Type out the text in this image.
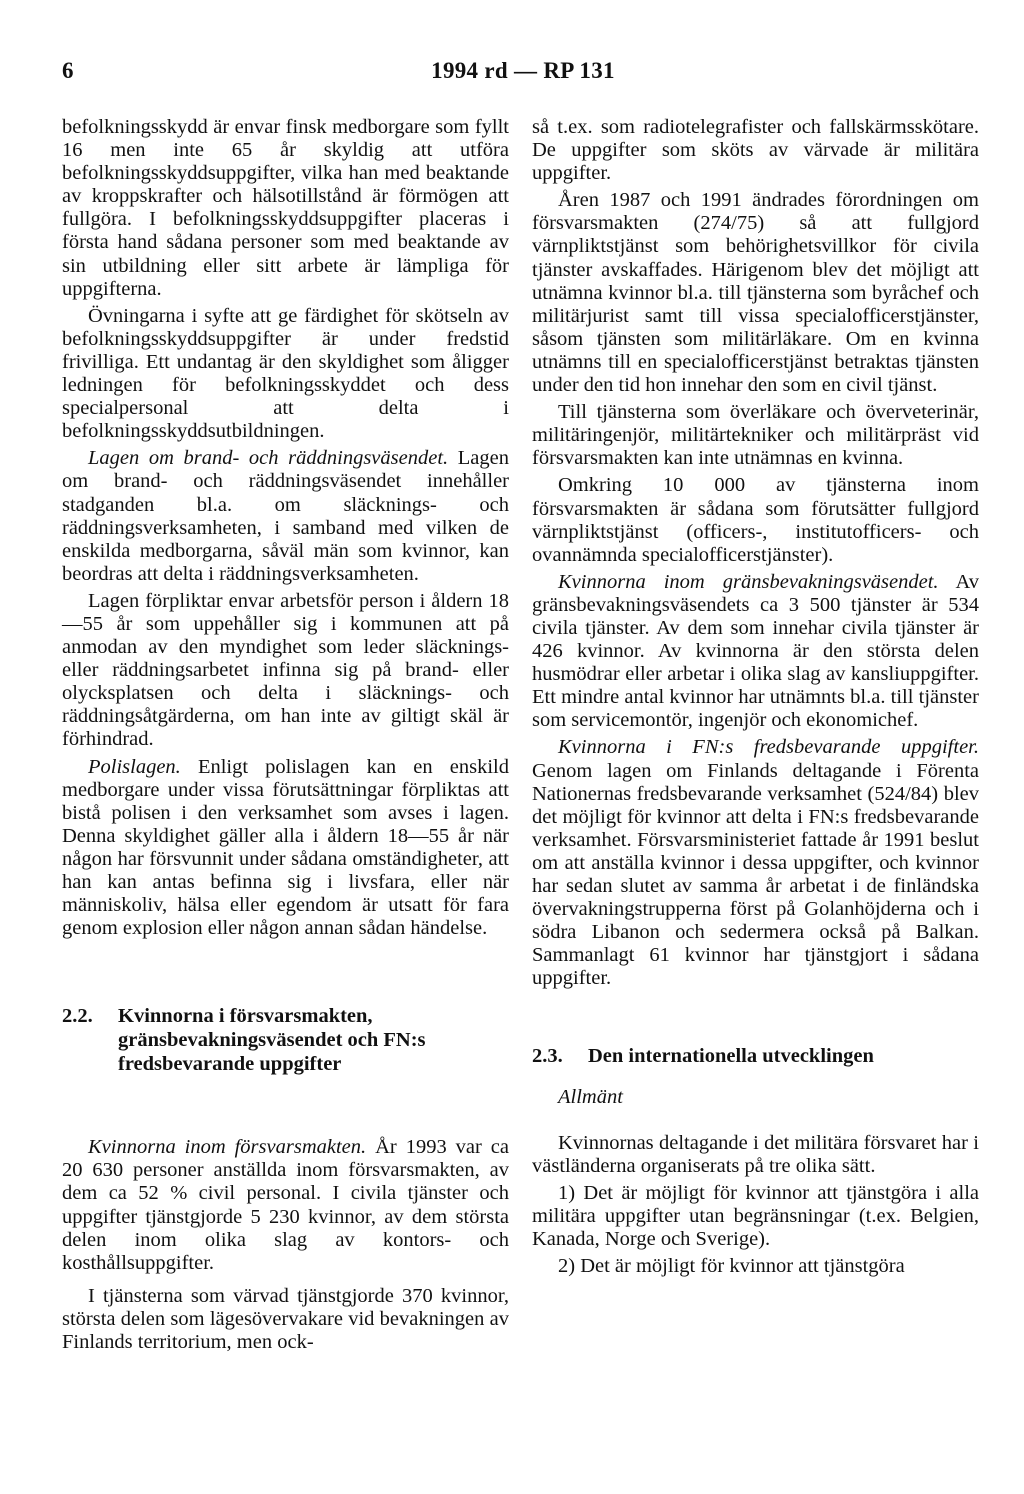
6	1994 rd — RP 131

befolkningsskydd är envar finsk medborgare som fyllt 16 men inte 65 år skyldig att utföra befolkningsskyddsuppgifter, vilka han med beaktande av kroppskrafter och hälsotillstånd är förmögen att fullgöra. I befolkningsskyddsuppgifter placeras i första hand sådana personer som med beaktande av sin utbildning eller sitt arbete är lämpliga för uppgifterna.

Övningarna i syfte att ge färdighet för skötseln av befolkningsskyddsuppgifter är under fredstid frivilliga. Ett undantag är den skyldighet som åligger ledningen för befolkningsskyddet och dess specialpersonal att delta i befolkningsskyddsutbildningen.

Lagen om brand- och räddningsväsendet. Lagen om brand- och räddningsväsendet innehåller stadganden bl.a. om släcknings- och räddningsverksamheten, i samband med vilken de enskilda medborgarna, såväl män som kvinnor, kan beordras att delta i räddningsverksamheten.

Lagen förpliktar envar arbetsför person i åldern 18—55 år som uppehåller sig i kommunen att på anmodan av den myndighet som leder släcknings- eller räddningsarbetet infinna sig på brand- eller olycksplatsen och delta i släcknings- och räddningsåtgärderna, om han inte av giltigt skäl är förhindrad.

Polislagen. Enligt polislagen kan en enskild medborgare under vissa förutsättningar förpliktas att bistå polisen i den verksamhet som avses i lagen. Denna skyldighet gäller alla i åldern 18—55 år när någon har försvunnit under sådana omständigheter, att han kan antas befinna sig i livsfara, eller när människoliv, hälsa eller egendom är utsatt för fara genom explosion eller någon annan sådan händelse.

2.2.	Kvinnorna i försvarsmakten, gränsbevakningsväsendet och FN:s fredsbevarande uppgifter

Kvinnorna inom försvarsmakten. År 1993 var ca 20 630 personer anställda inom försvarsmakten, av dem ca 52 % civil personal. I civila tjänster och uppgifter tjänstgjorde 5 230 kvinnor, av dem största delen inom olika slag av kontors- och kosthållsuppgifter.

I tjänsterna som värvad tjänstgjorde 370 kvinnor, största delen som lägesövervakare vid bevakningen av Finlands territorium, men ock-

så t.ex. som radiotelegrafister och fallskärmsskötare. De uppgifter som sköts av värvade är militära uppgifter.

Åren 1987 och 1991 ändrades förordningen om försvarsmakten (274/75) så att fullgjord värnpliktstjänst som behörighetsvillkor för civila tjänster avskaffades. Härigenom blev det möjligt att utnämna kvinnor bl.a. till tjänsterna som byråchef och militärjurist samt till vissa specialofficerstjänster, såsom tjänsten som militärläkare. Om en kvinna utnämns till en specialofficerstjänst betraktas tjänsten under den tid hon innehar den som en civil tjänst.

Till tjänsterna som överläkare och överveterinär, militäringenjör, militärtekniker och militärpräst vid försvarsmakten kan inte utnämnas en kvinna.

Omkring 10 000 av tjänsterna inom försvarsmakten är sådana som förutsätter fullgjord värnpliktstjänst (officers-, institutofficers- och ovannämnda specialofficerstjänster).

Kvinnorna inom gränsbevakningsväsendet. Av gränsbevakningsväsendets ca 3 500 tjänster är 534 civila tjänster. Av dem som innehar civila tjänster är 426 kvinnor. Av kvinnorna är den största delen husmödrar eller arbetar i olika slag av kansliuppgifter. Ett mindre antal kvinnor har utnämnts bl.a. till tjänster som servicemontör, ingenjör och ekonomichef.

Kvinnorna i FN:s fredsbevarande uppgifter. Genom lagen om Finlands deltagande i Förenta Nationernas fredsbevarande verksamhet (524/84) blev det möjligt för kvinnor att delta i FN:s fredsbevarande verksamhet. Försvarsministeriet fattade år 1991 beslut om att anställa kvinnor i dessa uppgifter, och kvinnor har sedan slutet av samma år arbetat i de finländska övervakningstrupperna först på Golanhöjderna och i södra Libanon och sedermera också på Balkan. Sammanlagt 61 kvinnor har tjänstgjort i sådana uppgifter.

2.3.	Den internationella utvecklingen

Allmänt

Kvinnornas deltagande i det militära försvaret har i västländerna organiserats på tre olika sätt.

1) Det är möjligt för kvinnor att tjänstgöra i alla militära uppgifter utan begränsningar (t.ex. Belgien, Kanada, Norge och Sverige).

2) Det är möjligt för kvinnor att tjänstgöra
